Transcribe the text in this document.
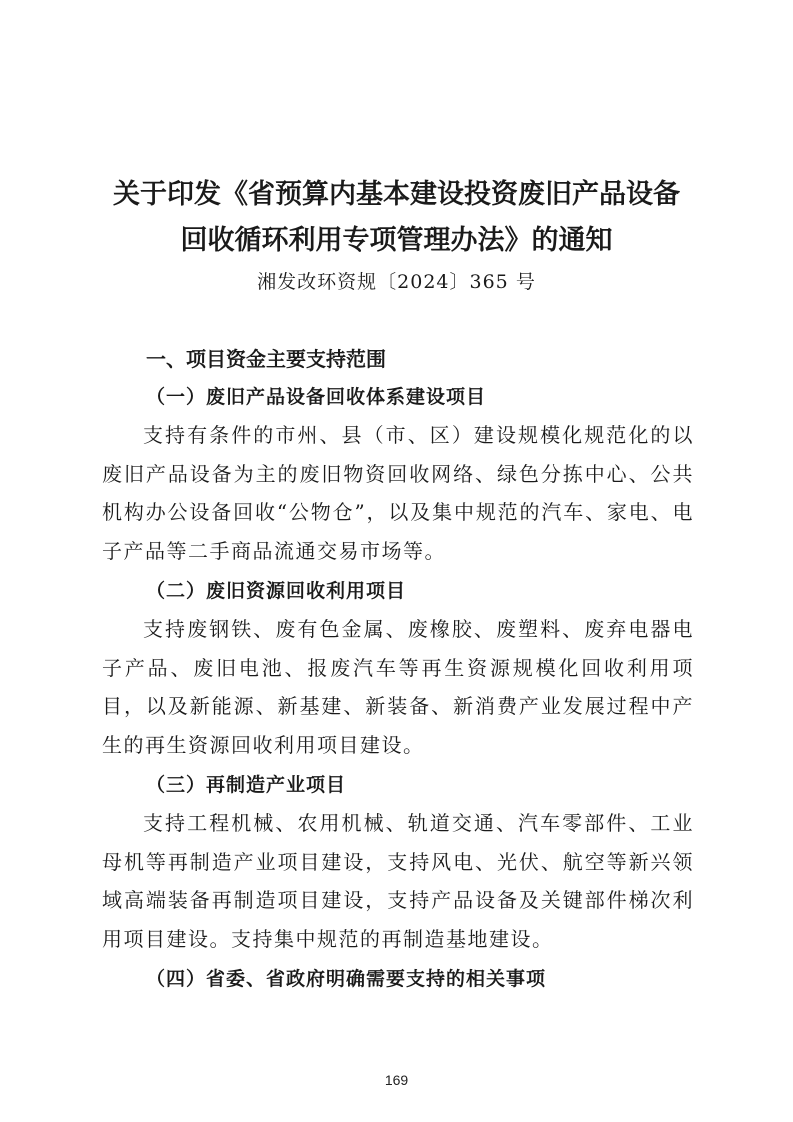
关于印发《省预算内基本建设投资废旧产品设备
回收循环利用专项管理办法》的通知
湘发改环资规〔2024〕365 号
一、项目资金主要支持范围
（一）废旧产品设备回收体系建设项目

支持有条件的市州、县（市、区）建设规模化规范化的以废旧产品设备为主的废旧物资回收网络、绿色分拣中心、公共机构办公设备回收“公物仓”，以及集中规范的汽车、家电、电子产品等二手商品流通交易市场等。

（二）废旧资源回收利用项目

支持废钢铁、废有色金属、废橡胶、废塑料、废弃电器电子产品、废旧电池、报废汽车等再生资源规模化回收利用项目，以及新能源、新基建、新装备、新消费产业发展过程中产生的再生资源回收利用项目建设。

（三）再制造产业项目

支持工程机械、农用机械、轨道交通、汽车零部件、工业母机等再制造产业项目建设，支持风电、光伏、航空等新兴领域高端装备再制造项目建设，支持产品设备及关键部件梯次利用项目建设。支持集中规范的再制造基地建设。

（四）省委、省政府明确需要支持的相关事项
169
